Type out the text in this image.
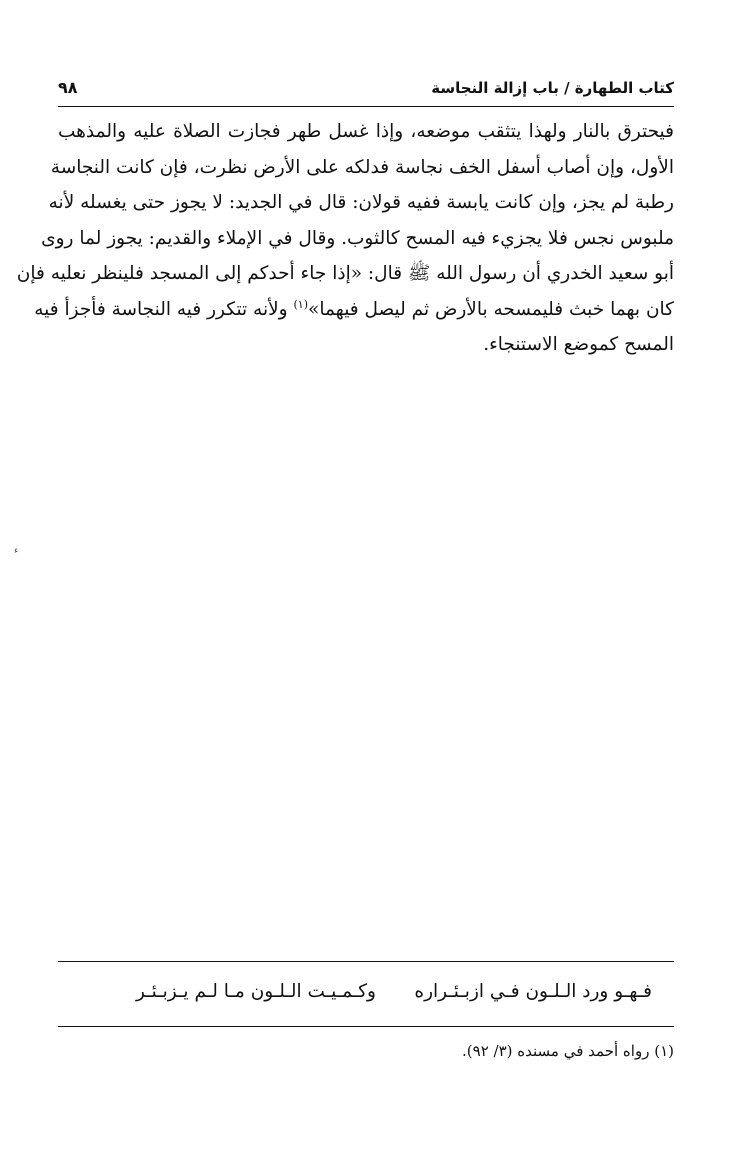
كتاب الطهارة / باب إزالة النجاسة
٩٨
فيحترق بالنار ولهذا يتثقب موضعه، وإذا غسل طهر فجازت الصلاة عليه والمذهب
الأول، وإن أصاب أسفل الخف نجاسة فدلكه على الأرض نظرت، فإن كانت النجاسة
رطبة لم يجز، وإن كانت يابسة ففيه قولان: قال في الجديد: لا يجوز حتى يغسله لأنه
ملبوس نجس فلا يجزيء فيه المسح كالثوب. وقال في الإملاء والقديم: يجوز لما روى
أبو سعيد الخدري أن رسول الله ﷺ قال: «إذا جاء أحدكم إلى المسجد فلينظر نعليه فإن
كان بهما خبث فليمسحه بالأرض ثم ليصل فيهما»$^{(١)}$ ولأنه تتكرر فيه النجاسة فأجزأ فيه
المسح كموضع الاستنجاء.
ء
فـهـو ورد الـلـون فـي ازبـئـراره
وكـمـيـت الـلـون مـا لـم يـزبـئـر
(١) رواه أحمد في مسنده (٣/ ٩٢).
